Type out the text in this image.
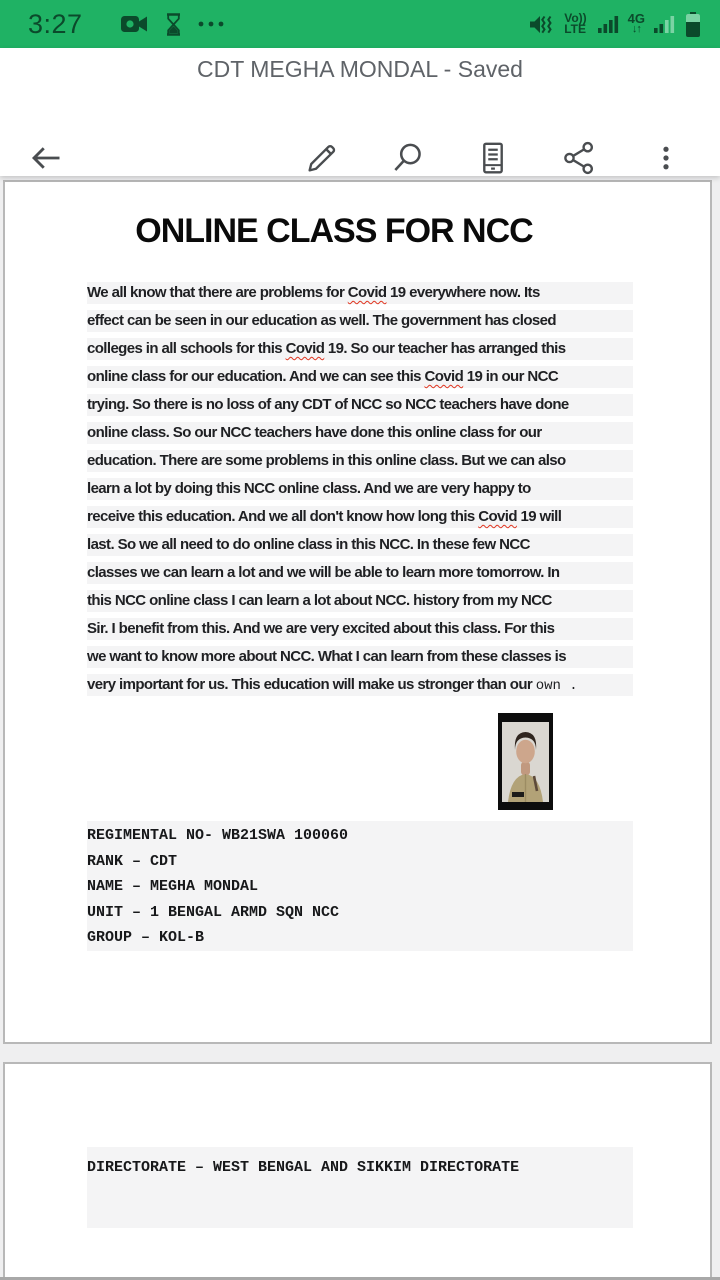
3:27	Vo))
LTE
4G
↓↑
CDT MEGHA MONDAL - Saved
ONLINE CLASS FOR NCC
We all know that there are problems for Covid 19 everywhere now. Its
effect can be seen in our education as well. The government has closed
colleges in all schools for this Covid 19. So our teacher has arranged this
online class for our education. And we can see this Covid 19 in our NCC
trying. So there is no loss of any CDT of NCC so NCC teachers have done
online class. So our NCC teachers have done this online class for our
education. There are some problems in this online class. But we can also
learn a lot by doing this NCC online class. And we are very happy to
receive this education. And we all don't know how long this Covid 19 will
last. So we all need to do online class in this NCC. In these few NCC
classes we can learn a lot and we will be able to learn more tomorrow. In
this NCC online class I can learn a lot about NCC. history from my NCC
Sir. I benefit from this. And we are very excited about this class. For this
we want to know more about NCC. What I can learn from these classes is
very important for us. This education will make us stronger than our own .
REGIMENTAL NO- WB21SWA 100060
RANK – CDT
NAME – MEGHA MONDAL
UNIT – 1 BENGAL ARMD SQN NCC
GROUP – KOL-B
DIRECTORATE – WEST BENGAL AND SIKKIM DIRECTORATE
